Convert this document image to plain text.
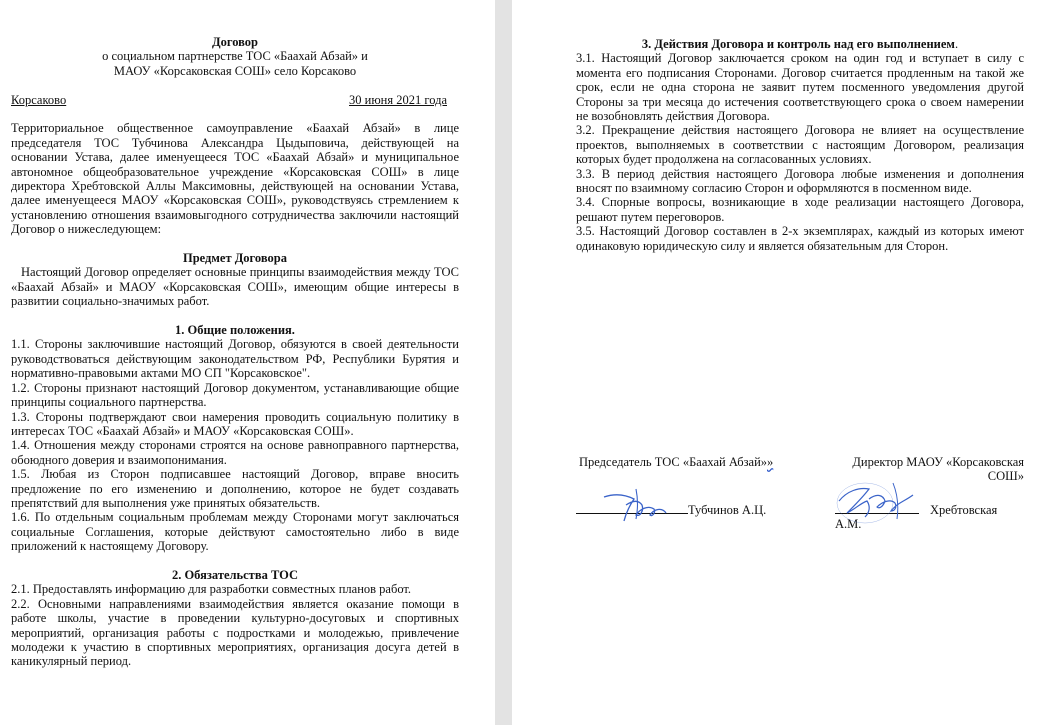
Договор

о социальном партнерстве ТОС «Баахай Абзай» и

МАОУ «Корсаковская СОШ» село Корсаково

Корсаково	30 июня 2021 года

Территориальное общественное самоуправление «Баахай Абзай» в лице председателя ТОС Тубчинова Александра Цыдыповича, действующей на основании Устава, далее именуещееся ТОС «Баахай Абзай» и муниципальное автономное общеобразовательное учреждение «Корсаковская СОШ» в лице директора Хребтовской Аллы Максимовны, действующей на основании Устава, далее именуещееся МАОУ «Корсаковская СОШ», руководствуясь стремлением к установлению отношения взаимовыгодного сотрудничества заключили настоящий Договор о нижеследующем:

Предмет Договора

Настоящий Договор определяет основные принципы взаимодействия между ТОС «Баахай Абзай» и МАОУ «Корсаковская СОШ», имеющим общие интересы в развитии социально-значимых работ.

1. Общие положения.

1.1. Стороны заключившие настоящий Договор, обязуются в своей деятельности руководствоваться действующим законодательством РФ, Республики Бурятия и нормативно-правовыми актами МО СП "Корсаковское".

1.2. Стороны признают настоящий Договор документом, устанавливающие общие принципы социального партнерства.

1.3. Стороны подтверждают свои намерения проводить социальную политику в интересах ТОС «Баахай Абзай» и МАОУ «Корсаковская СОШ».

1.4. Отношения между сторонами строятся на основе равноправного партнерства, обоюдного доверия и взаимопонимания.

1.5. Любая из Сторон подписавшее настоящий Договор, вправе вносить предложение по его изменению и дополнению, которое не будет создавать препятствий для выполнения уже принятых обязательств.

1.6. По отдельным социальным проблемам между Сторонами могут заключаться социальные Соглашения, которые действуют самостоятельно либо в виде приложений к настоящему Договору.

2. Обязательства ТОС

2.1. Предоставлять информацию для разработки совместных планов работ.

2.2. Основными направлениями взаимодействия является оказание помощи в работе школы, участие в проведении культурно-досуговых и спортивных мероприятий, организация работы с подростками и молодежью, привлечение молодежи к участию в спортивных мероприятиях, организация досуга детей в каникулярный период.

3. Действия Договора и контроль над его выполнением.

3.1. Настоящий Договор заключается сроком на один год и вступает в силу с момента его подписания Сторонами. Договор считается продленным на такой же срок, если не одна сторона не заявит путем посменного уведомления другой Стороны за три месяца до истечения соответствующего срока о своем намерении не возобновлять действия Договора.

3.2. Прекращение действия настоящего Договора не влияет на осуществление проектов, выполняемых в соответствии с настоящим Договором, реализация которых будет продолжена на согласованных условиях.

3.3. В период действия настоящего Договора любые изменения и дополнения вносят по взаимному согласию Сторон и оформляются в посменном виде.

3.4. Спорные вопросы, возникающие в ходе реализации настоящего Договора, решают путем переговоров.

3.5. Настоящий Договор составлен в 2-х экземплярах, каждый из которых имеют одинаковую юридическую силу и является обязательным для Сторон.

Председатель ТОС «Баахай Абзай»»	Директор МАОУ «Корсаковская
СОШ»
Тубчинов А.Ц.	Хребтовская А.М.
